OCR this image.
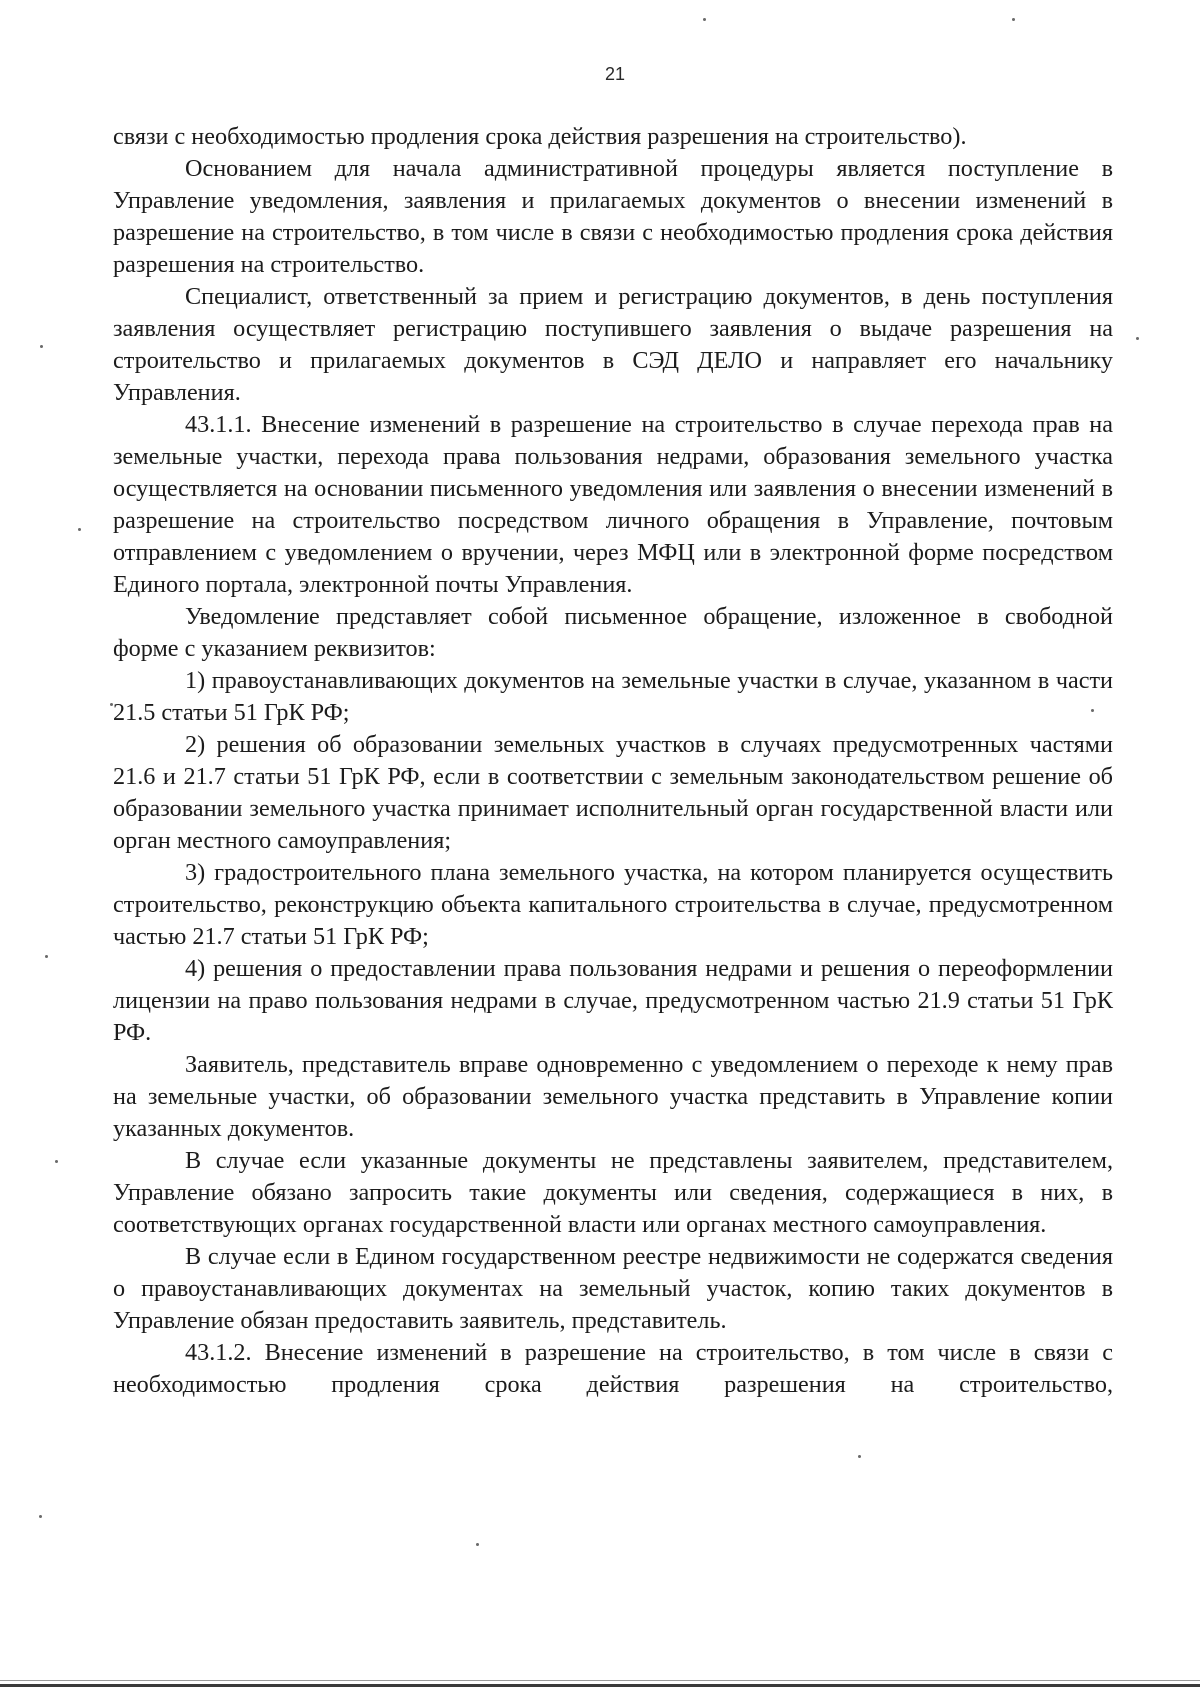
21

связи с необходимостью продления срока действия разрешения на строительство).

Основанием для начала административной процедуры является поступление в Управление уведомления, заявления и прилагаемых документов о внесении изменений в разрешение на строительство, в том числе в связи с необходимостью продления срока действия разрешения на строительство.

Специалист, ответственный за прием и регистрацию документов, в день поступления заявления осуществляет регистрацию поступившего заявления о выдаче разрешения на строительство и прилагаемых документов в СЭД ДЕЛО и направляет его начальнику Управления.

43.1.1. Внесение изменений в разрешение на строительство в случае перехода прав на земельные участки, перехода права пользования недрами, образования земельного участка осуществляется на основании письменного уведомления или заявления о внесении изменений в разрешение на строительство посредством личного обращения в Управление, почтовым отправлением с уведомлением о вручении, через МФЦ или в электронной форме посредством Единого портала, электронной почты Управления.

Уведомление представляет собой письменное обращение, изложенное в свободной форме с указанием реквизитов:

1) правоустанавливающих документов на земельные участки в случае, указанном в части 21.5 статьи 51 ГрК РФ;

2) решения об образовании земельных участков в случаях предусмотренных частями 21.6 и 21.7 статьи 51 ГрК РФ, если в соответствии с земельным законодательством решение об образовании земельного участка принимает исполнительный орган государственной власти или орган местного самоуправления;

3) градостроительного плана земельного участка, на котором планируется осуществить строительство, реконструкцию объекта капитального строительства в случае, предусмотренном частью 21.7 статьи 51 ГрК РФ;

4) решения о предоставлении права пользования недрами и решения о переоформлении лицензии на право пользования недрами в случае, предусмотренном частью 21.9 статьи 51 ГрК РФ.

Заявитель, представитель вправе одновременно с уведомлением о переходе к нему прав на земельные участки, об образовании земельного участка представить в Управление копии указанных документов.

В случае если указанные документы не представлены заявителем, представителем, Управление обязано запросить такие документы или сведения, содержащиеся в них, в соответствующих органах государственной власти или органах местного самоуправления.

В случае если в Едином государственном реестре недвижимости не содержатся сведения о правоустанавливающих документах на земельный участок, копию таких документов в Управление обязан предоставить заявитель, представитель.

43.1.2. Внесение изменений в разрешение на строительство, в том числе в связи с необходимостью продления срока действия разрешения на строительство,
